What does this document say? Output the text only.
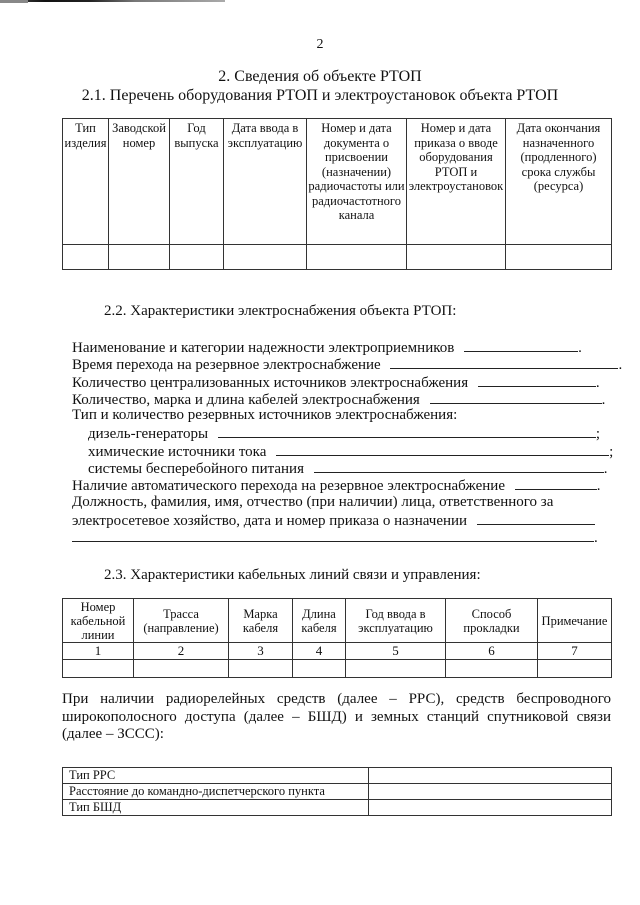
2
2. Сведения об объекте РТОП
2.1. Перечень оборудования РТОП и электроустановок объекта РТОП
Тип изделия	Заводской номер	Год выпуска	Дата ввода в эксплуатацию	Номер и дата документа о присвоении (назначении) радиочастоты или радиочастотного канала	Номер и дата приказа о вводе оборудования РТОП и электроустановок	Дата окончания назначенного (продленного) срока службы (ресурса)

2.2. Характеристики электроснабжения объекта РТОП:
Наименование и категории надежности электроприемников	.
Время перехода на резервное электроснабжение	.
Количество централизованных источников электроснабжения	.
Количество, марка и длина кабелей электроснабжения	.
Тип и количество резервных источников электроснабжения:
дизель-генераторы	;
химические источники тока	;
системы бесперебойного питания	.
Наличие автоматического перехода на резервное электроснабжение	.
Должность, фамилия, имя, отчество (при наличии) лица, ответственного за
электросетевое хозяйство, дата и номер приказа о назначении
.
2.3. Характеристики кабельных линий связи и управления:
Номер кабельной линии	Трасса (направление)	Марка кабеля	Длина кабеля	Год ввода в эксплуатацию	Способ прокладки	Примечание
1	2	3	4	5	6	7

При наличии радиорелейных средств (далее – РРС), средств беспроводного
широкополосного доступа (далее – БШД) и земных станций спутниковой связи
(далее – ЗССС):
Тип РРС	
Расстояние до командно-диспетчерского пункта	
Тип БШД	
